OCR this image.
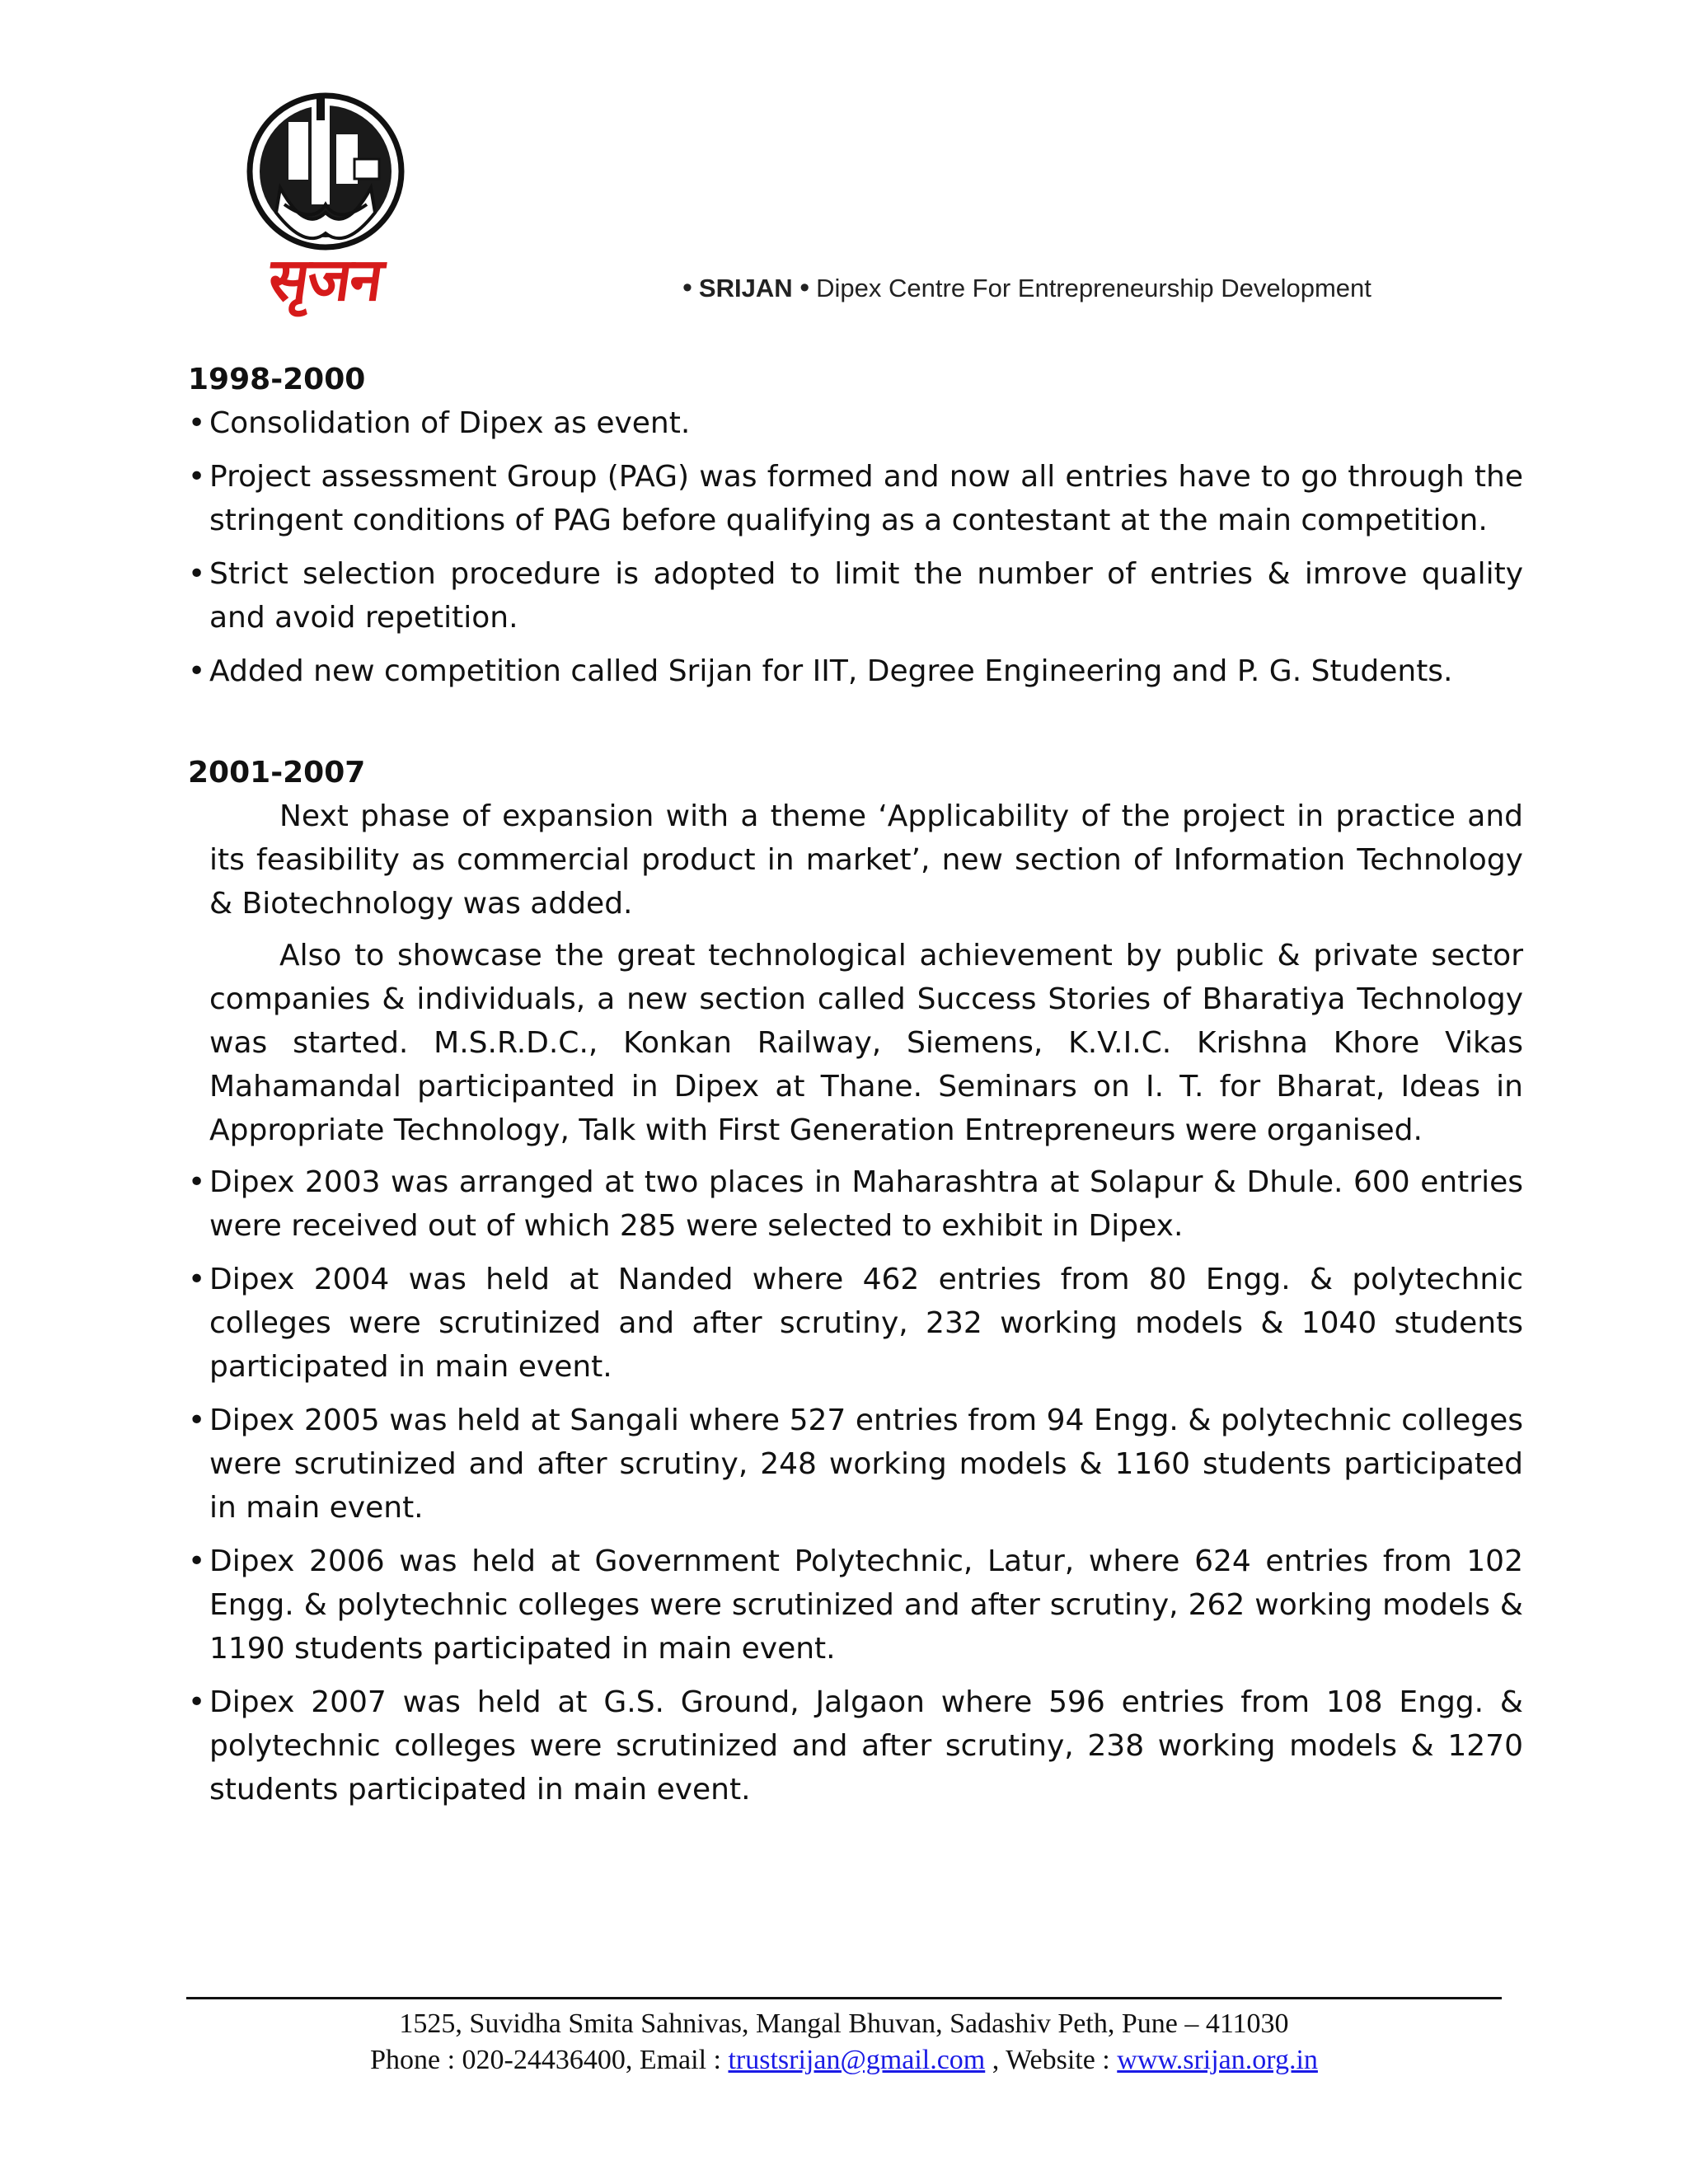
सृजन	• SRIJAN • Dipex Centre For Entrepreneurship Development

1998-2000

• Consolidation of Dipex as event.
• Project assessment Group (PAG) was formed and now all entries have to go through the stringent conditions of PAG before qualifying as a contestant at the main competition.
• Strict selection procedure is adopted to limit the number of entries & imrove quality and avoid repetition.
• Added new competition called Srijan for IIT, Degree Engineering and P. G. Students.

2001-2007

Next phase of expansion with a theme ‘Applicability of the project in practice and its feasibility as commercial product in market’, new section of Information Technology & Biotechnology was added.

Also to showcase the great technological achievement by public & private sector companies & individuals, a new section called Success Stories of Bharatiya Technology was started. M.S.R.D.C., Konkan Railway, Siemens, K.V.I.C. Krishna Khore Vikas Mahamandal participanted in Dipex at Thane. Seminars on I. T. for Bharat, Ideas in Appropriate Technology, Talk with First Generation Entrepreneurs were organised.

• Dipex 2003 was arranged at two places in Maharashtra at Solapur & Dhule. 600 entries were received out of which 285 were selected to exhibit in Dipex.
• Dipex 2004 was held at Nanded where 462 entries from 80 Engg. & polytechnic colleges were scrutinized and after scrutiny, 232 working models & 1040 students participated in main event.
• Dipex 2005 was held at Sangali where 527 entries from 94 Engg. & polytechnic colleges were scrutinized and after scrutiny, 248 working models & 1160 students participated in main event.
• Dipex 2006 was held at Government Polytechnic, Latur, where 624 entries from 102 Engg. & polytechnic colleges were scrutinized and after scrutiny, 262 working models & 1190 students participated in main event.
• Dipex 2007 was held at G.S. Ground, Jalgaon where 596 entries from 108 Engg. & polytechnic colleges were scrutinized and after scrutiny, 238 working models & 1270 students participated in main event.
1525, Suvidha Smita Sahnivas, Mangal Bhuvan, Sadashiv Peth, Pune – 411030
Phone : 020-24436400, Email : trustsrijan@gmail.com , Website : www.srijan.org.in
